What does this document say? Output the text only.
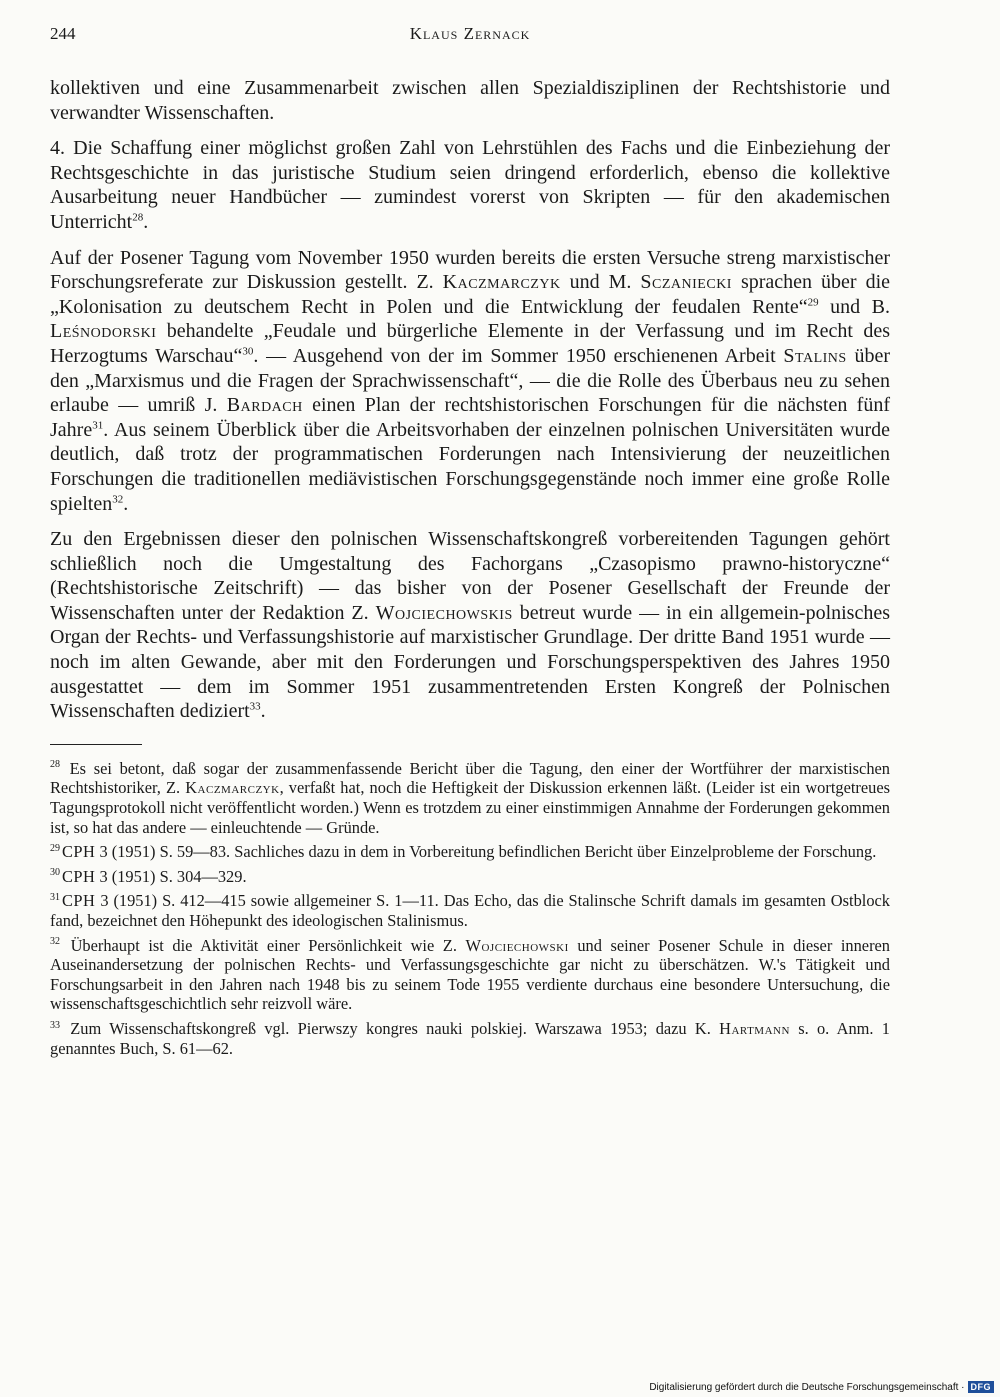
244	Klaus Zernack

kollektiven und eine Zusammenarbeit zwischen allen Spezialdisziplinen der Rechtshistorie und verwandter Wissenschaften.

4. Die Schaffung einer möglichst großen Zahl von Lehrstühlen des Fachs und die Einbeziehung der Rechtsgeschichte in das juristische Studium seien dringend erforderlich, ebenso die kollektive Ausarbeitung neuer Handbücher — zumindest vorerst von Skripten — für den akademischen Unterricht$^{28}$.

Auf der Posener Tagung vom November 1950 wurden bereits die ersten Versuche streng marxistischer Forschungsreferate zur Diskussion gestellt. Z. Kaczmarczyk und M. Sczaniecki sprachen über die „Kolonisation zu deutschem Recht in Polen und die Entwicklung der feudalen Rente“$^{29}$ und B. Leśnodorski behandelte „Feudale und bürgerliche Elemente in der Verfassung und im Recht des Herzogtums Warschau“$^{30}$. — Ausgehend von der im Sommer 1950 erschienenen Arbeit Stalins über den „Marxismus und die Fragen der Sprachwissenschaft“, — die die Rolle des Überbaus neu zu sehen erlaube — umriß J. Bardach einen Plan der rechtshistorischen Forschungen für die nächsten fünf Jahre$^{31}$. Aus seinem Überblick über die Arbeitsvorhaben der einzelnen polnischen Universitäten wurde deutlich, daß trotz der programmatischen Forderungen nach Intensivierung der neuzeitlichen Forschungen die traditionellen mediävistischen Forschungsgegenstände noch immer eine große Rolle spielten$^{32}$.

Zu den Ergebnissen dieser den polnischen Wissenschaftskongreß vorbereitenden Tagungen gehört schließlich noch die Umgestaltung des Fachorgans „Czasopismo prawno-historyczne“ (Rechtshistorische Zeitschrift) — das bisher von der Posener Gesellschaft der Freunde der Wissenschaften unter der Redaktion Z. Wojciechowskis betreut wurde — in ein allgemein-polnisches Organ der Rechts- und Verfassungshistorie auf marxistischer Grundlage. Der dritte Band 1951 wurde — noch im alten Gewande, aber mit den Forderungen und Forschungsperspektiven des Jahres 1950 ausgestattet — dem im Sommer 1951 zusammentretenden Ersten Kongreß der Polnischen Wissenschaften dediziert$^{33}$.

$^{28}$ Es sei betont, daß sogar der zusammenfassende Bericht über die Tagung, den einer der Wortführer der marxistischen Rechtshistoriker, Z. Kaczmarczyk, verfaßt hat, noch die Heftigkeit der Diskussion erkennen läßt. (Leider ist ein wortgetreues Tagungsprotokoll nicht veröffentlicht worden.) Wenn es trotzdem zu einer einstimmigen Annahme der Forderungen gekommen ist, so hat das andere — einleuchtende — Gründe.

$^{29}$ CPH 3 (1951) S. 59—83. Sachliches dazu in dem in Vorbereitung befindlichen Bericht über Einzelprobleme der Forschung.

$^{30}$ CPH 3 (1951) S. 304—329.

$^{31}$ CPH 3 (1951) S. 412—415 sowie allgemeiner S. 1—11. Das Echo, das die Stalinsche Schrift damals im gesamten Ostblock fand, bezeichnet den Höhepunkt des ideologischen Stalinismus.

$^{32}$ Überhaupt ist die Aktivität einer Persönlichkeit wie Z. Wojciechowski und seiner Posener Schule in dieser inneren Auseinandersetzung der polnischen Rechts- und Verfassungsgeschichte gar nicht zu überschätzen. W.'s Tätigkeit und Forschungsarbeit in den Jahren nach 1948 bis zu seinem Tode 1955 verdiente durchaus eine besondere Untersuchung, die wissenschaftsgeschichtlich sehr reizvoll wäre.

$^{33}$ Zum Wissenschaftskongreß vgl. Pierwszy kongres nauki polskiej. Warszawa 1953; dazu K. Hartmann s. o. Anm. 1 genanntes Buch, S. 61—62.

Digitalisierung gefördert durch die Deutsche Forschungsgemeinschaft · DFG
